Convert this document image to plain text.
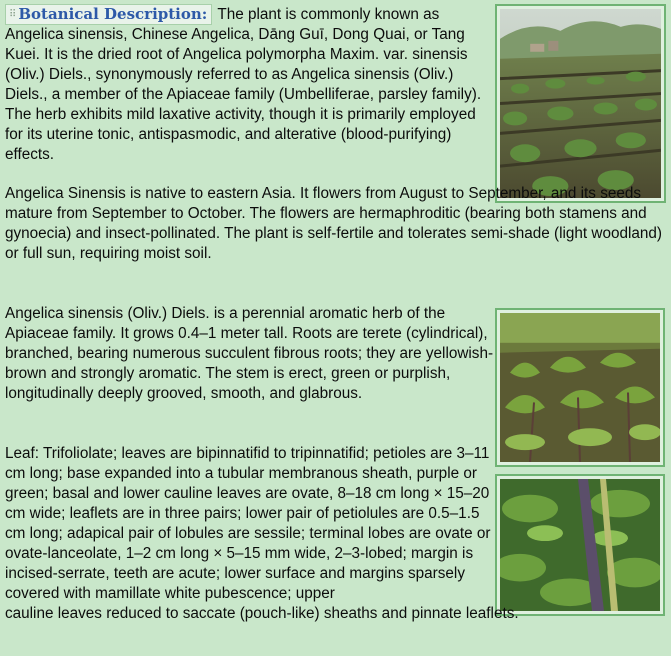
⠿ Botanical Description: The plant is commonly known as Angelica sinensis, Chinese Angelica, Dāng Guī, Dong Quai, or Tang Kuei. It is the dried root of Angelica polymorpha Maxim. var. sinensis (Oliv.) Diels., synonymously referred to as Angelica sinensis (Oliv.) Diels., a member of the Apiaceae family (Umbelliferae, parsley family). The herb exhibits mild laxative activity, though it is primarily employed for its uterine tonic, antispasmodic, and alterative (blood-purifying) effects.
Angelica Sinensis is native to eastern Asia. It flowers from August to September, and its seeds mature from September to October. The flowers are hermaphroditic (bearing both stamens and gynoecia) and insect-pollinated. The plant is self-fertile and tolerates semi-shade (light woodland) or full sun, requiring moist soil.
Angelica sinensis (Oliv.) Diels. is a perennial aromatic herb of the Apiaceae family. It grows 0.4–1 meter tall. Roots are terete (cylindrical), branched, bearing numerous succulent fibrous roots; they are yellowish-brown and strongly aromatic. The stem is erect, green or purplish, longitudinally deeply grooved, smooth, and glabrous.
Leaf: Trifoliolate; leaves are bipinnatifid to tripinnatifid; petioles are 3–11 cm long; base expanded into a tubular membranous sheath, purple or green; basal and lower cauline leaves are ovate, 8–18 cm long × 15–20 cm wide; leaflets are in three pairs; lower pair of petiolules are 0.5–1.5 cm long; adapical pair of lobules are sessile; terminal lobes are ovate or ovate-lanceolate, 1–2 cm long × 5–15 mm wide, 2–3-lobed; margin is incised-serrate, teeth are acute; lower surface and margins sparsely covered with mamillate white pubescence; upper
cauline leaves reduced to saccate (pouch-like) sheaths and pinnate leaflets.
